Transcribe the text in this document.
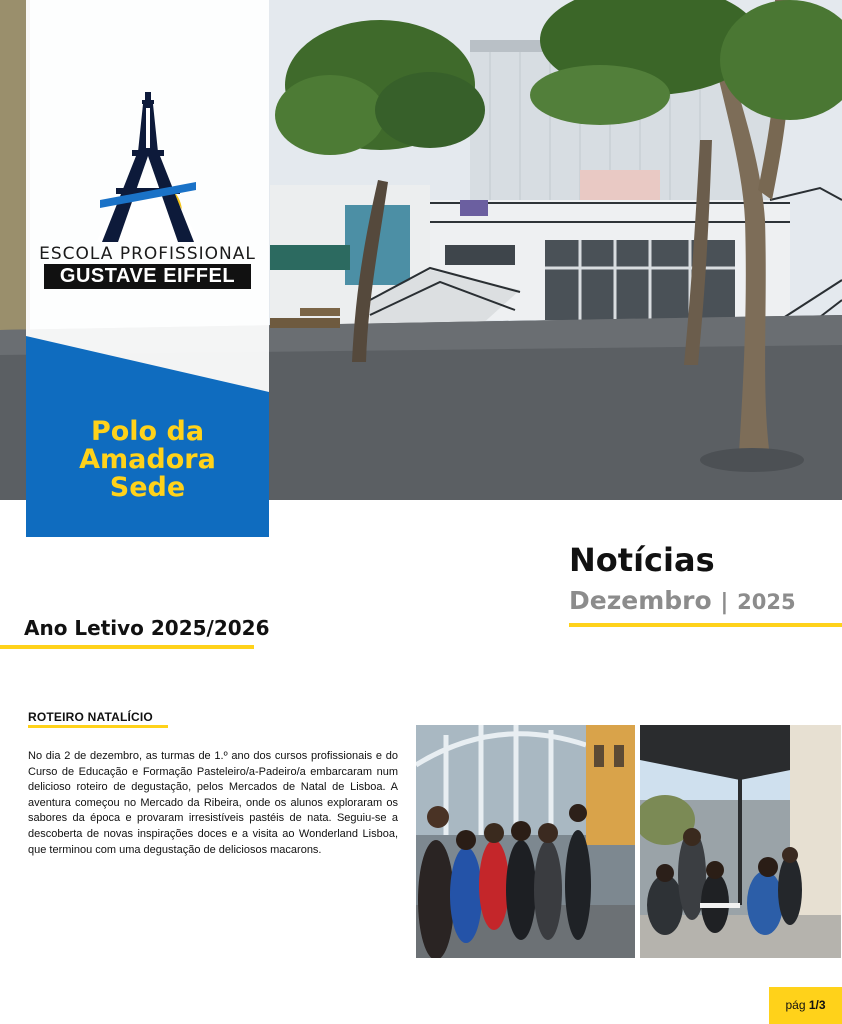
ESCOLA PROFISSIONAL
GUSTAVE EIFFEL
Polo da
Amadora
Sede
Notícias
Dezembro | 2025
Ano Letivo 2025/2026
ROTEIRO NATALÍCIO

No dia 2 de dezembro, as turmas de 1.º ano dos cursos profissionais e do Curso de Educação e Formação Pasteleiro/a-Padeiro/a embarcaram num delicioso roteiro de degustação, pelos Mercados de Natal de Lisboa. A aventura começou no Mercado da Ribeira, onde os alunos exploraram os sabores da época e provaram irresistíveis pastéis de nata. Seguiu-se a descoberta de novas inspirações doces e a visita ao Wonderland Lisboa, que terminou com uma degustação de deliciosos macarons.

pág 1/3
